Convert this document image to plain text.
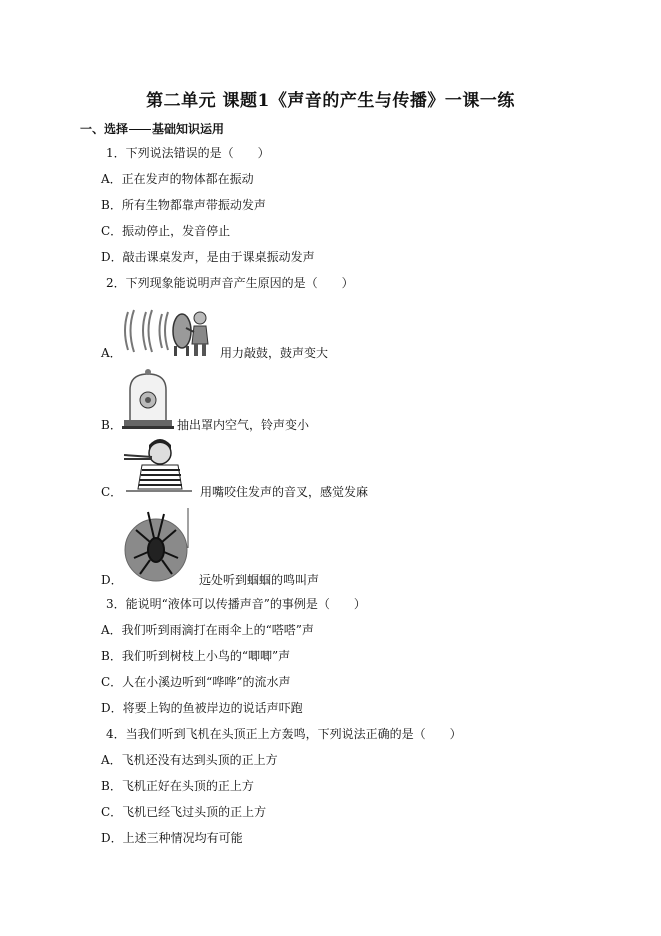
第二单元 课题1《声音的产生与传播》一课一练
一、选择 基础知识运用
1．下列说法错误的是（　　）
A．正在发声的物体都在振动
B．所有生物都靠声带振动发声
C．振动停止，发音停止
D．敲击课桌发声，是由于课桌振动发声
2．下列现象能说明声音产生原因的是（　　）
A．	用力敲鼓，鼓声变大
B．	抽出罩内空气，铃声变小
C．	用嘴咬住发声的音叉，感觉发麻
D．	远处听到蝈蝈的鸣叫声
3．能说明“液体可以传播声音”的事例是（　　）
A．我们听到雨滴打在雨伞上的“嗒嗒”声
B．我们听到树枝上小鸟的“唧唧”声
C．人在小溪边听到“哗哗”的流水声
D．将要上钩的鱼被岸边的说话声吓跑
4．当我们听到飞机在头顶正上方轰鸣，下列说法正确的是（　　）
A．飞机还没有达到头顶的正上方
B．飞机正好在头顶的正上方
C．飞机已经飞过头顶的正上方
D．上述三种情况均有可能
